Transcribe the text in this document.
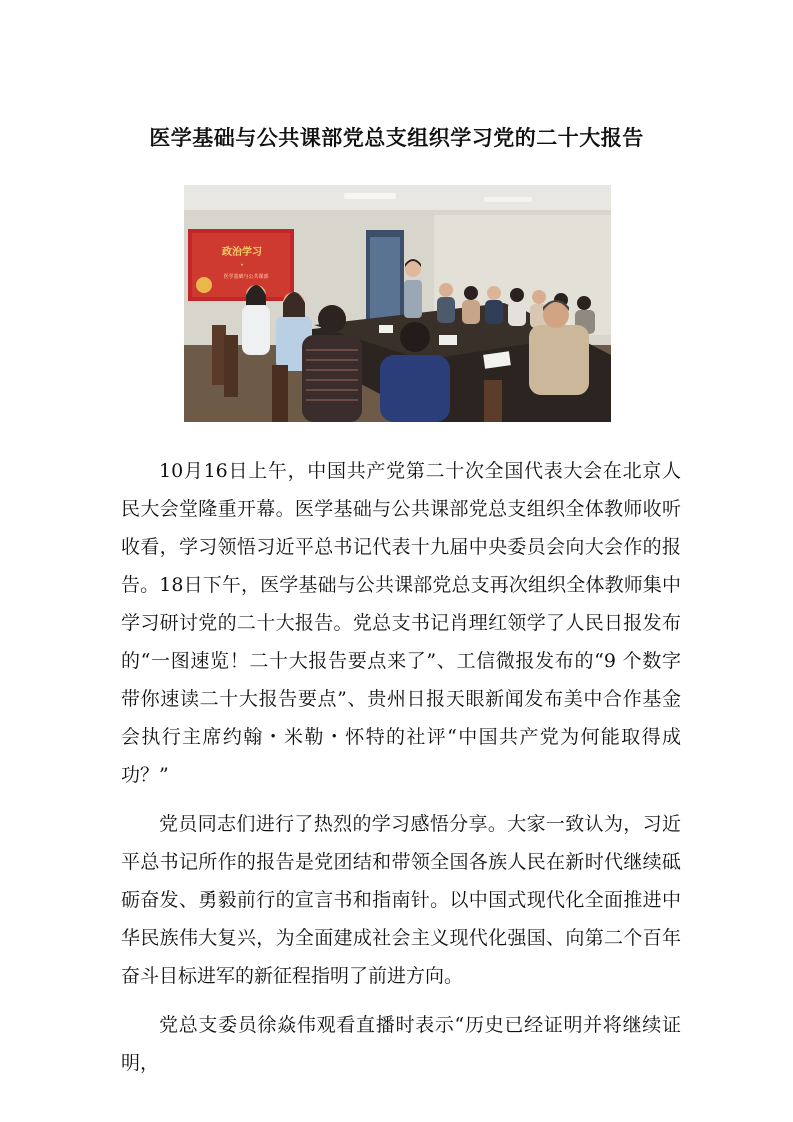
医学基础与公共课部党总支组织学习党的二十大报告
政治学习
•
医学基础与公共课部

10月16日上午，中国共产党第二十次全国代表大会在北京人民大会堂隆重开幕。医学基础与公共课部党总支组织全体教师收听收看，学习领悟习近平总书记代表十九届中央委员会向大会作的报告。18日下午，医学基础与公共课部党总支再次组织全体教师集中学习研讨党的二十大报告。党总支书记肖理红领学了人民日报发布的“一图速览！二十大报告要点来了”、工信微报发布的“9 个数字带你速读二十大报告要点”、贵州日报天眼新闻发布美中合作基金会执行主席约翰・米勒・怀特的社评“中国共产党为何能取得成功？”

党员同志们进行了热烈的学习感悟分享。大家一致认为，习近平总书记所作的报告是党团结和带领全国各族人民在新时代继续砥砺奋发、勇毅前行的宣言书和指南针。以中国式现代化全面推进中华民族伟大复兴，为全面建成社会主义现代化强国、向第二个百年奋斗目标进军的新征程指明了前进方向。

党总支委员徐焱伟观看直播时表示“历史已经证明并将继续证明，
